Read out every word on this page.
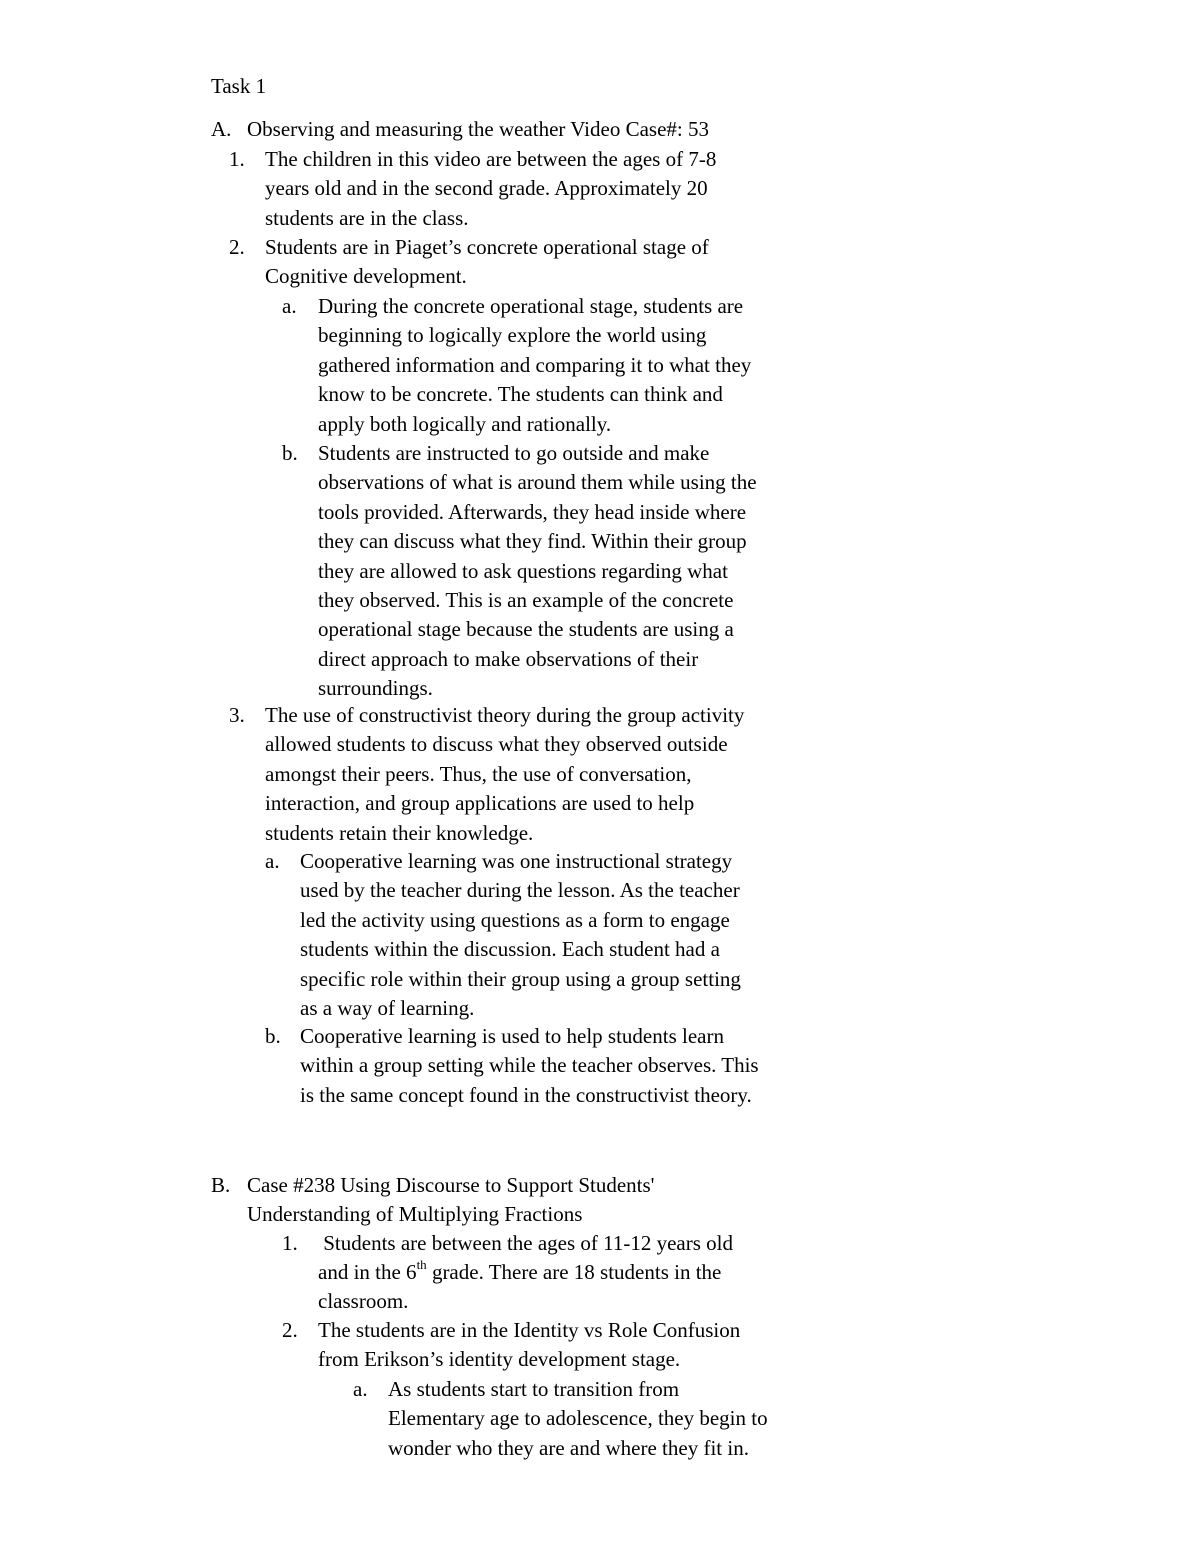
Task 1
A. Observing and measuring the weather Video Case#: 53
1. The children in this video are between the ages of 7-8
years old and in the second grade. Approximately 20
students are in the class.
2. Students are in Piaget’s concrete operational stage of
Cognitive development.
a. During the concrete operational stage, students are
beginning to logically explore the world using
gathered information and comparing it to what they
know to be concrete. The students can think and
apply both logically and rationally.
b. Students are instructed to go outside and make
observations of what is around them while using the
tools provided. Afterwards, they head inside where
they can discuss what they find. Within their group
they are allowed to ask questions regarding what
they observed. This is an example of the concrete
operational stage because the students are using a
direct approach to make observations of their
surroundings.
3. The use of constructivist theory during the group activity
allowed students to discuss what they observed outside
amongst their peers. Thus, the use of conversation,
interaction, and group applications are used to help
students retain their knowledge.
a. Cooperative learning was one instructional strategy
used by the teacher during the lesson. As the teacher
led the activity using questions as a form to engage
students within the discussion. Each student had a
specific role within their group using a group setting
as a way of learning.
b. Cooperative learning is used to help students learn
within a group setting while the teacher observes. This
is the same concept found in the constructivist theory.
B. Case #238 Using Discourse to Support Students'
Understanding of Multiplying Fractions
1. Students are between the ages of 11-12 years old
and in the 6th grade. There are 18 students in the
classroom.
2. The students are in the Identity vs Role Confusion
from Erikson’s identity development stage.
a. As students start to transition from
Elementary age to adolescence, they begin to
wonder who they are and where they fit in.
